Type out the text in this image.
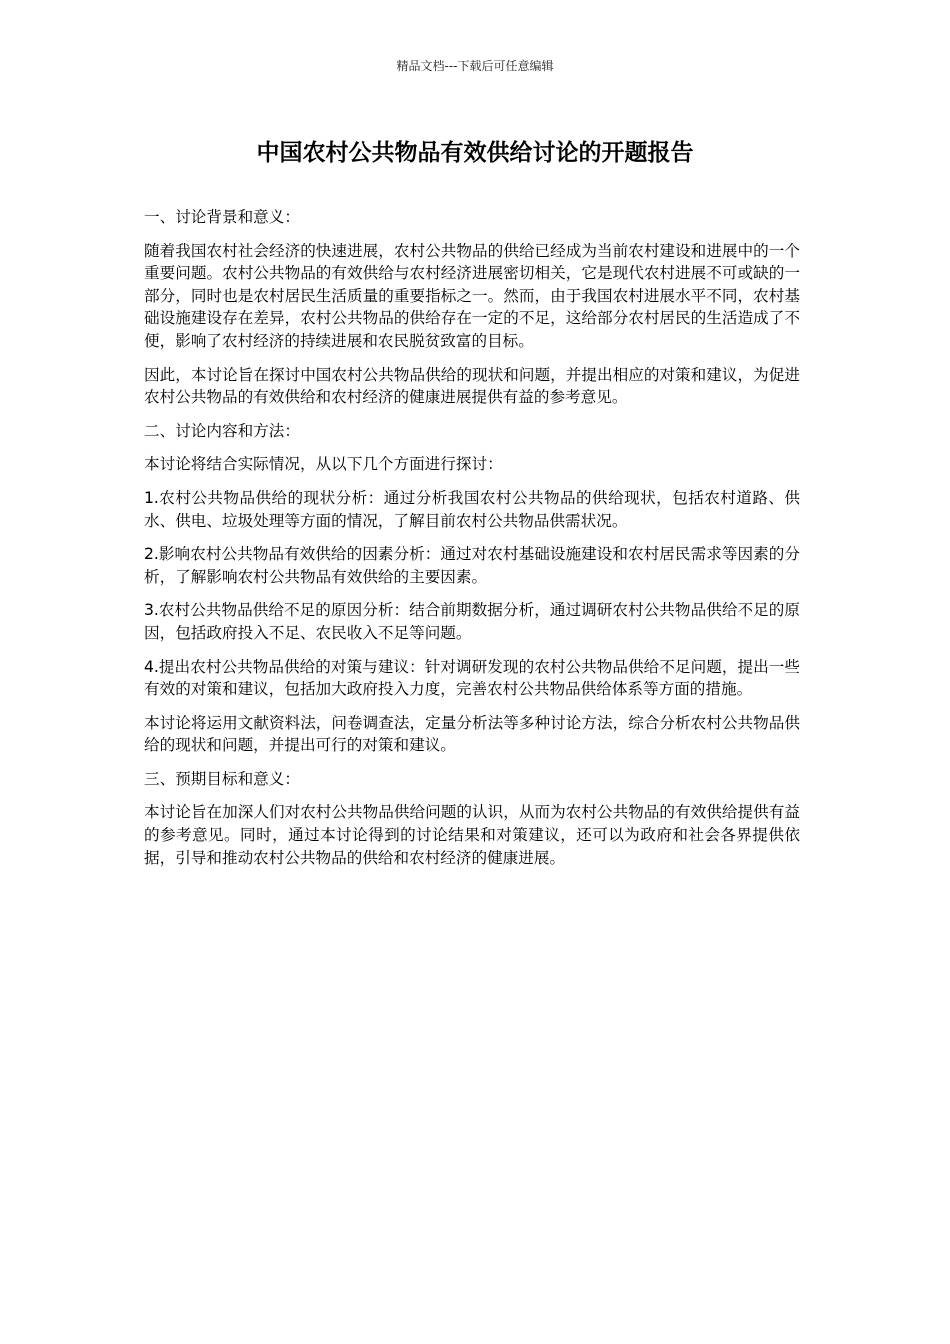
精品文档---下载后可任意编辑
中国农村公共物品有效供给讨论的开题报告

一、讨论背景和意义：

随着我国农村社会经济的快速进展，农村公共物品的供给已经成为当前农村建设和进展中的一个重要问题。农村公共物品的有效供给与农村经济进展密切相关，它是现代农村进展不可或缺的一部分，同时也是农村居民生活质量的重要指标之一。然而，由于我国农村进展水平不同，农村基础设施建设存在差异，农村公共物品的供给存在一定的不足，这给部分农村居民的生活造成了不便，影响了农村经济的持续进展和农民脱贫致富的目标。

因此，本讨论旨在探讨中国农村公共物品供给的现状和问题，并提出相应的对策和建议，为促进农村公共物品的有效供给和农村经济的健康进展提供有益的参考意见。

二、讨论内容和方法：

本讨论将结合实际情况，从以下几个方面进行探讨：

1.农村公共物品供给的现状分析：通过分析我国农村公共物品的供给现状，包括农村道路、供水、供电、垃圾处理等方面的情况，了解目前农村公共物品供需状况。

2.影响农村公共物品有效供给的因素分析：通过对农村基础设施建设和农村居民需求等因素的分析，了解影响农村公共物品有效供给的主要因素。

3.农村公共物品供给不足的原因分析：结合前期数据分析，通过调研农村公共物品供给不足的原因，包括政府投入不足、农民收入不足等问题。

4.提出农村公共物品供给的对策与建议：针对调研发现的农村公共物品供给不足问题，提出一些有效的对策和建议，包括加大政府投入力度，完善农村公共物品供给体系等方面的措施。

本讨论将运用文献资料法，问卷调查法，定量分析法等多种讨论方法，综合分析农村公共物品供给的现状和问题，并提出可行的对策和建议。

三、预期目标和意义：

本讨论旨在加深人们对农村公共物品供给问题的认识，从而为农村公共物品的有效供给提供有益的参考意见。同时，通过本讨论得到的讨论结果和对策建议，还可以为政府和社会各界提供依据，引导和推动农村公共物品的供给和农村经济的健康进展。
